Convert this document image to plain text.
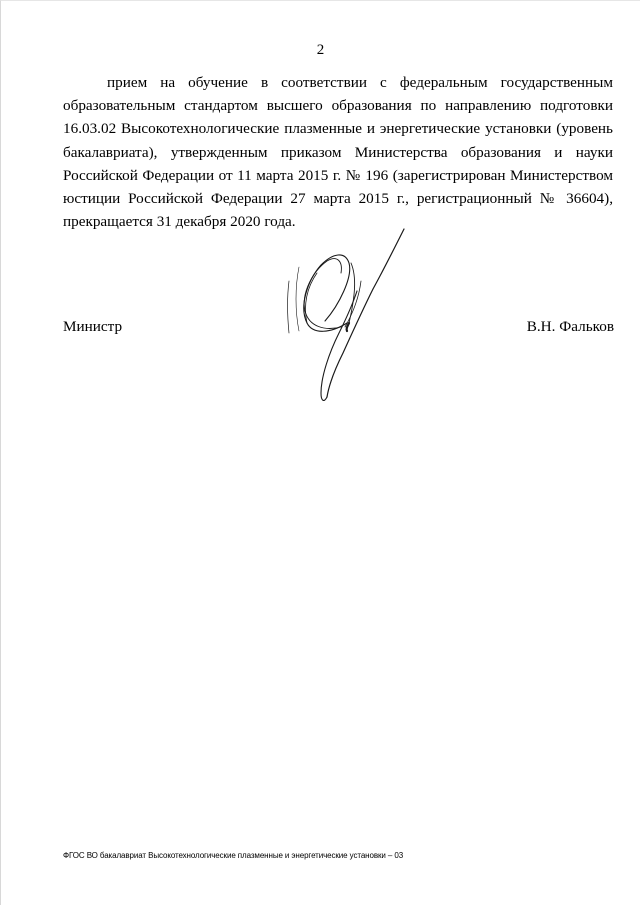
2

прием на обучение в соответствии с федеральным государственным образовательным стандартом высшего образования по направлению подготовки 16.03.02 Высокотехнологические плазменные и энергетические установки (уровень бакалавриата), утвержденным приказом Министерства образования и науки Российской Федерации от 11 марта 2015 г. № 196 (зарегистрирован Министерством юстиции Российской Федерации 27 марта 2015 г., регистрационный № 36604), прекращается 31 декабря 2020 года.

Министр	В.Н. Фальков
ФГОС ВО бакалавриат Высокотехнологические плазменные и энергетические установки – 03
